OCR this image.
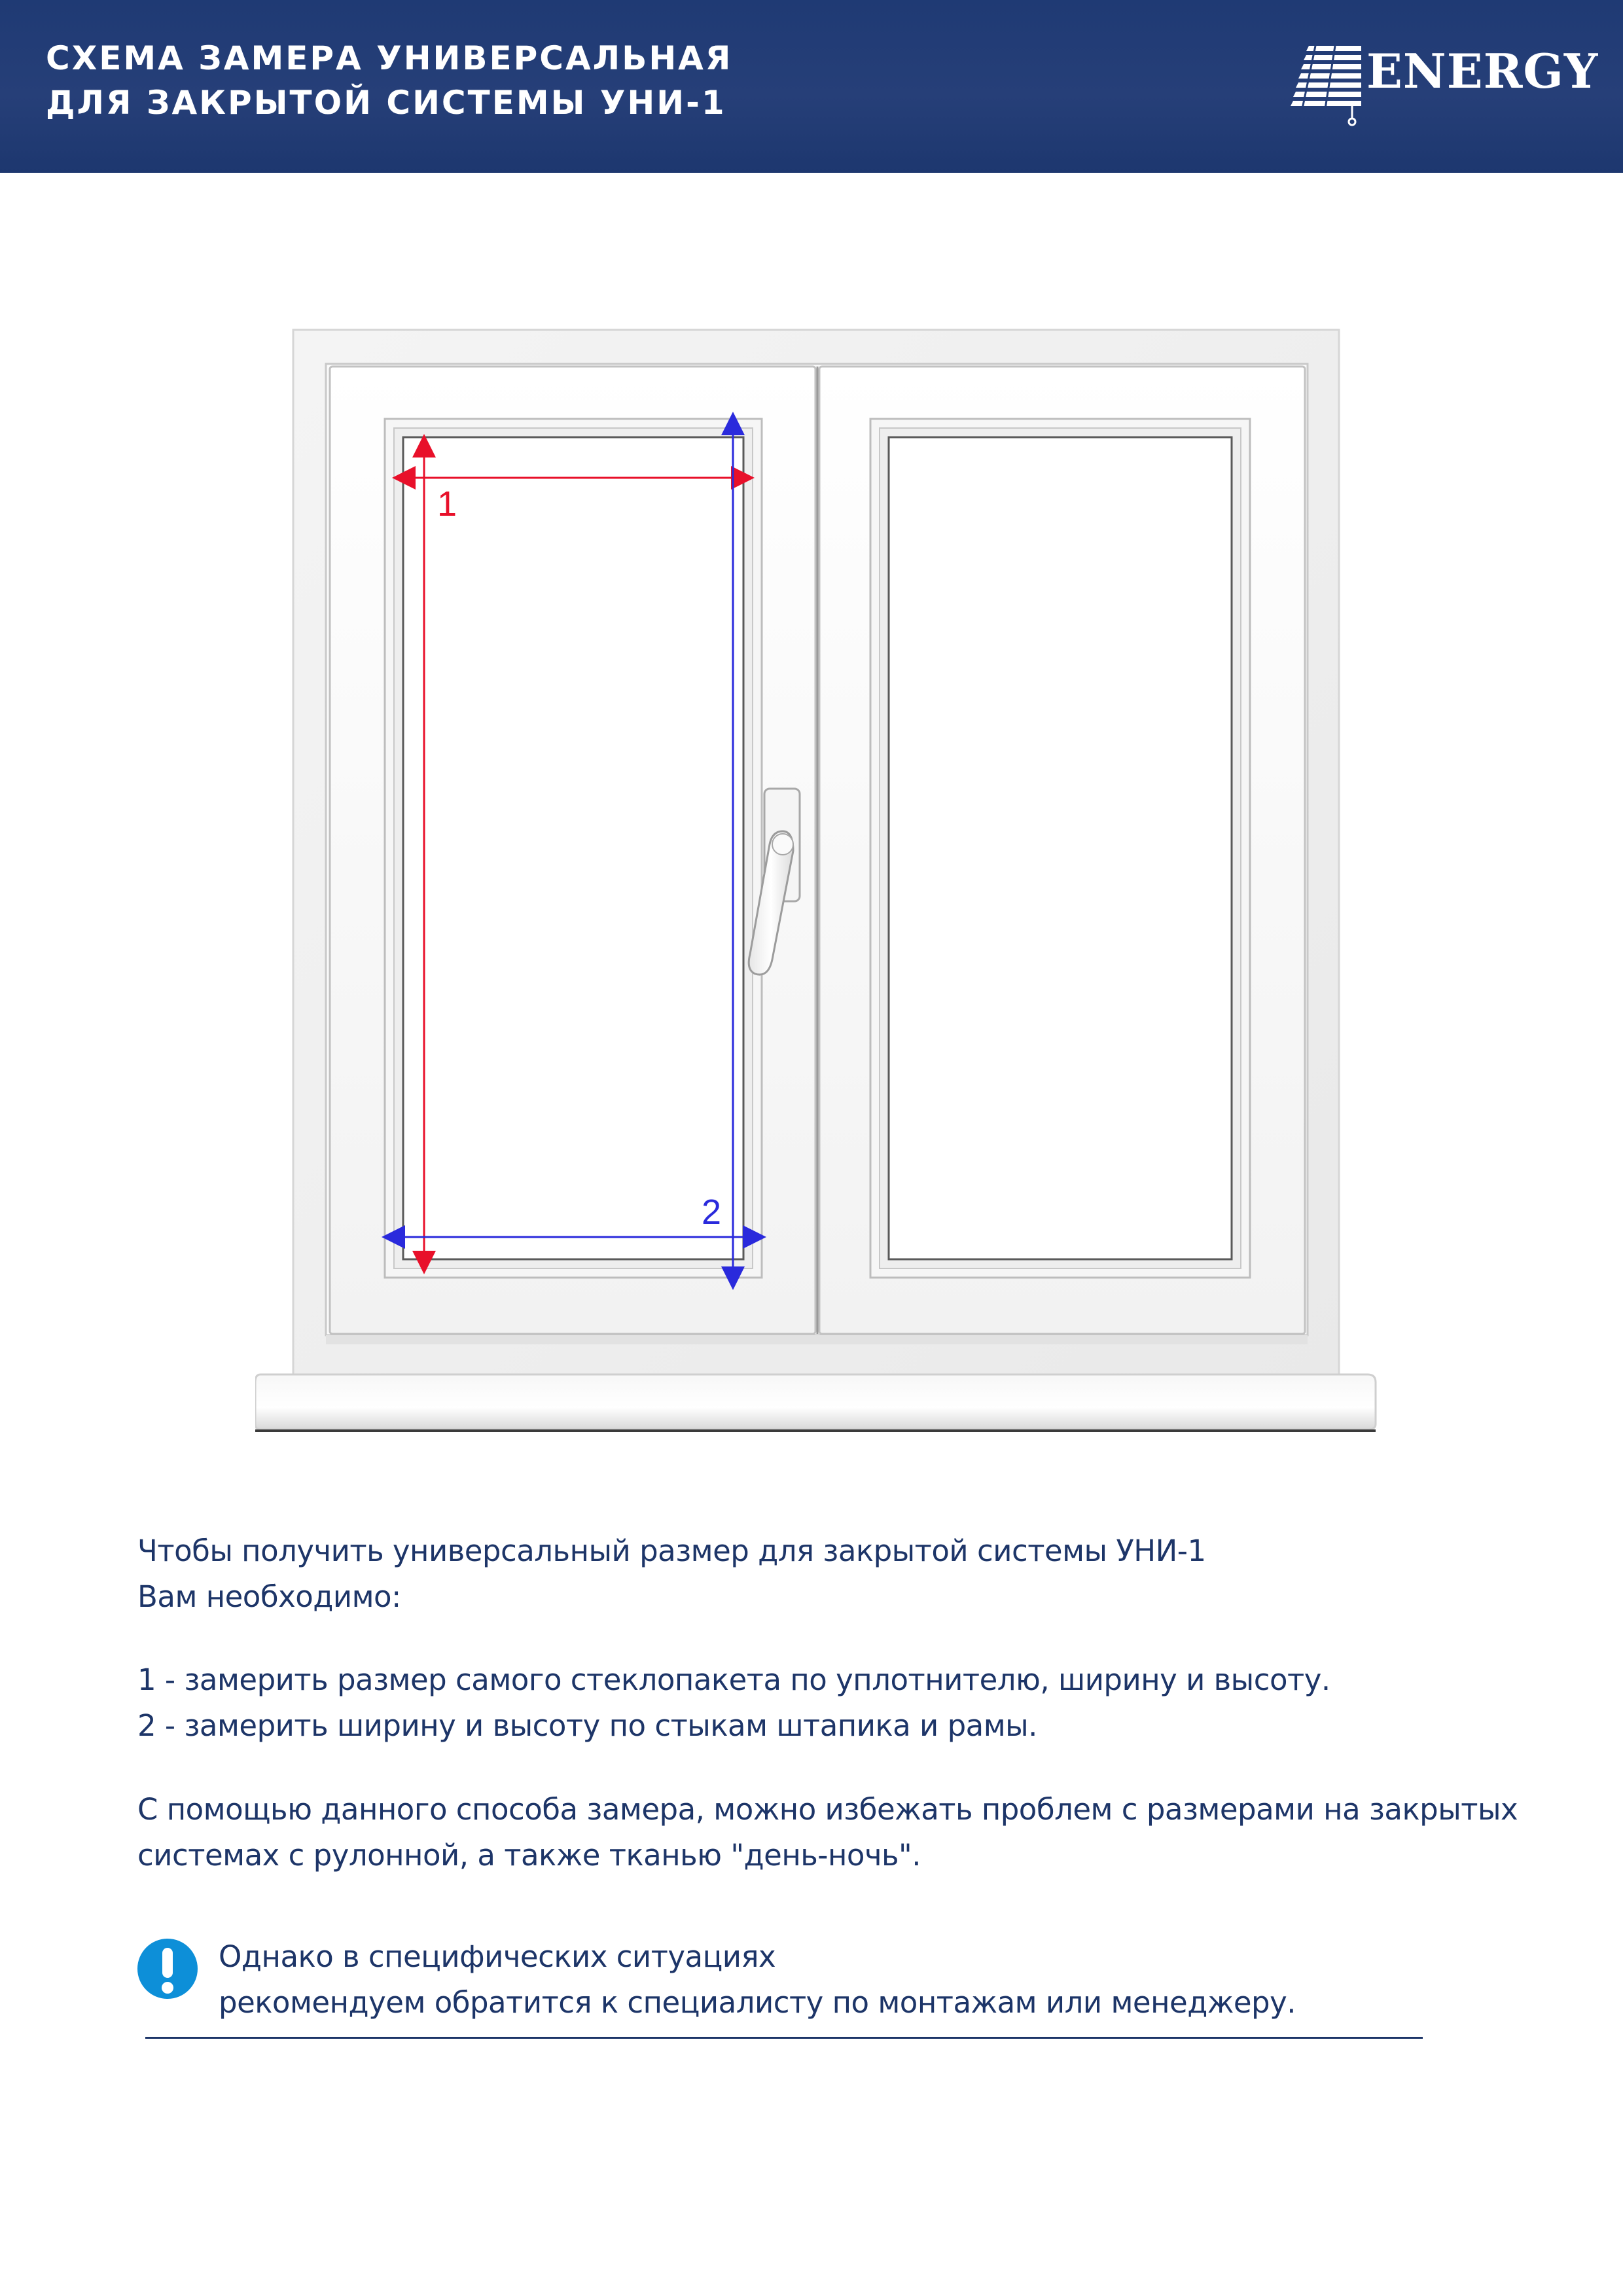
СХЕМА ЗАМЕРА УНИВЕРСАЛЬНАЯ
ДЛЯ ЗАКРЫТОЙ СИСТЕМЫ УНИ-1
ENERGY
1
2
Чтобы получить универсальный размер для закрытой системы УНИ-1
Вам необходимо:
1 - замерить размер самого стеклопакета по уплотнителю, ширину и высоту.
2 - замерить ширину и высоту по стыкам штапика и рамы.
С помощью данного способа замера, можно избежать проблем с размерами на закрытых
системах с рулонной, а также тканью "день-ночь".
Однако в специфических ситуациях
рекомендуем обратится к специалисту по монтажам или менеджеру.
